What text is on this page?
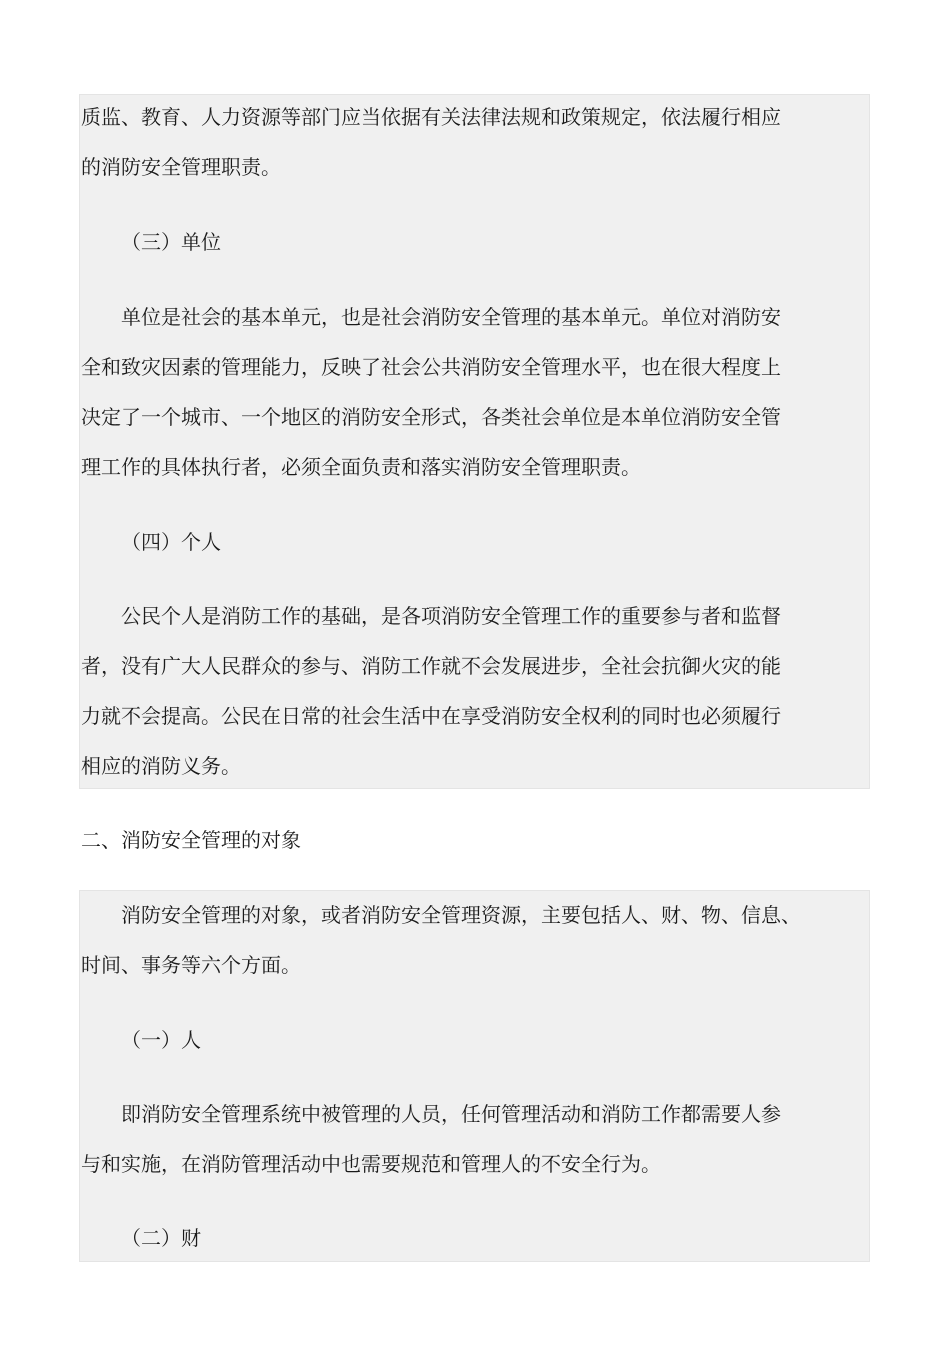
质监、教育、人力资源等部门应当依据有关法律法规和政策规定，依法履行相应

的消防安全管理职责。

（三）单位

单位是社会的基本单元，也是社会消防安全管理的基本单元。单位对消防安

全和致灾因素的管理能力，反映了社会公共消防安全管理水平，也在很大程度上

决定了一个城市、一个地区的消防安全形式，各类社会单位是本单位消防安全管

理工作的具体执行者，必须全面负责和落实消防安全管理职责。

（四）个人

公民个人是消防工作的基础，是各项消防安全管理工作的重要参与者和监督

者，没有广大人民群众的参与、消防工作就不会发展进步，全社会抗御火灾的能

力就不会提高。公民在日常的社会生活中在享受消防安全权利的同时也必须履行

相应的消防义务。

二、消防安全管理的对象

消防安全管理的对象，或者消防安全管理资源，主要包括人、财、物、信息、

时间、事务等六个方面。

（一）人

即消防安全管理系统中被管理的人员，任何管理活动和消防工作都需要人参

与和实施，在消防管理活动中也需要规范和管理人的不安全行为。

（二）财
